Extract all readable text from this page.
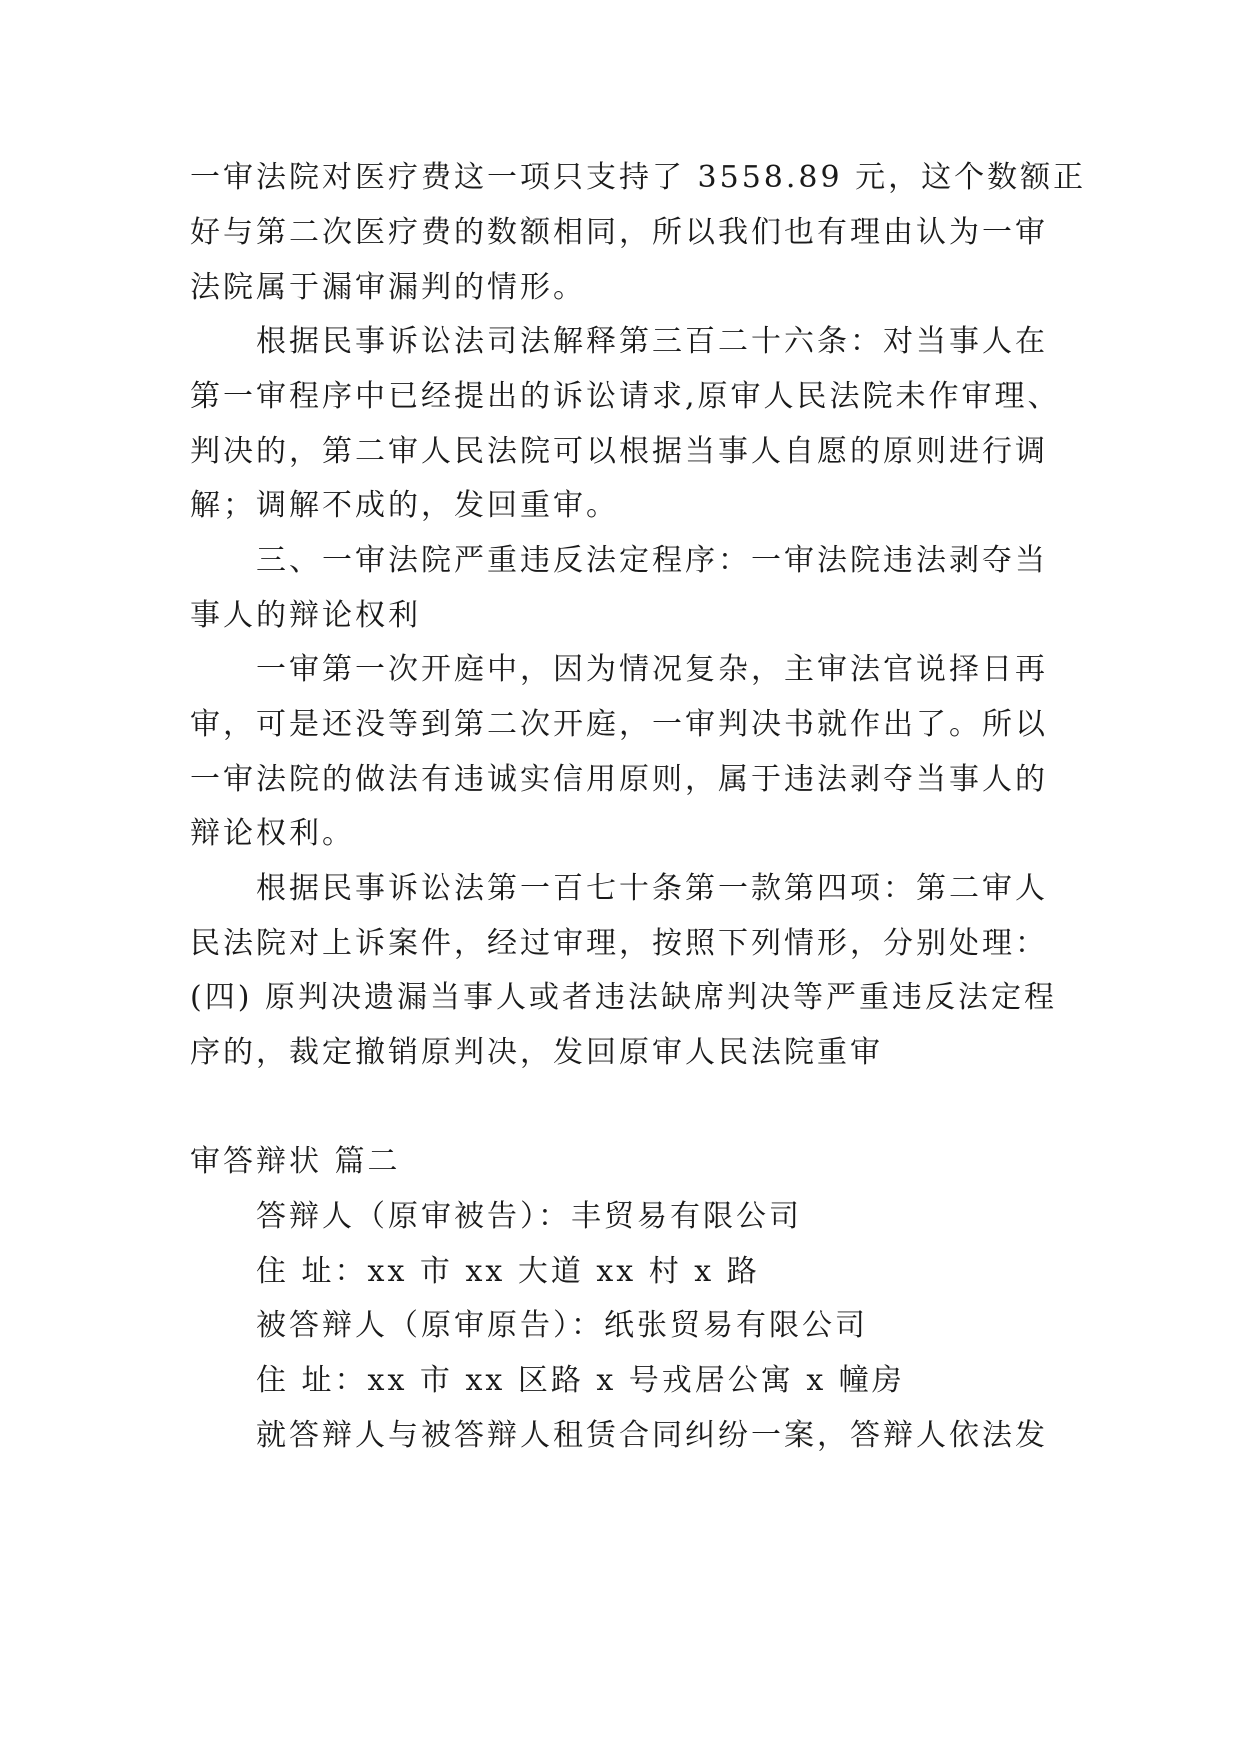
一审法院对医疗费这一项只支持了 3558.89 元，这个数额正
好与第二次医疗费的数额相同，所以我们也有理由认为一审
法院属于漏审漏判的情形。
根据民事诉讼法司法解释第三百二十六条：对当事人在
第一审程序中已经提出的诉讼请求,原审人民法院未作审理、
判决的，第二审人民法院可以根据当事人自愿的原则进行调
解；调解不成的，发回重审。
三、一审法院严重违反法定程序：一审法院违法剥夺当
事人的辩论权利
一审第一次开庭中，因为情况复杂，主审法官说择日再
审，可是还没等到第二次开庭，一审判决书就作出了。所以
一审法院的做法有违诚实信用原则，属于违法剥夺当事人的
辩论权利。
根据民事诉讼法第一百七十条第一款第四项：第二审人
民法院对上诉案件，经过审理，按照下列情形，分别处理：
(四) 原判决遗漏当事人或者违法缺席判决等严重违反法定程
序的，裁定撤销原判决，发回原审人民法院重审
审答辩状 篇二
答辩人（原审被告）：丰贸易有限公司
住 址：xx 市 xx 大道 xx 村 x 路
被答辩人（原审原告）：纸张贸易有限公司
住 址：xx 市 xx 区路 x 号戎居公寓 x 幢房
就答辩人与被答辩人租赁合同纠纷一案，答辩人依法发
